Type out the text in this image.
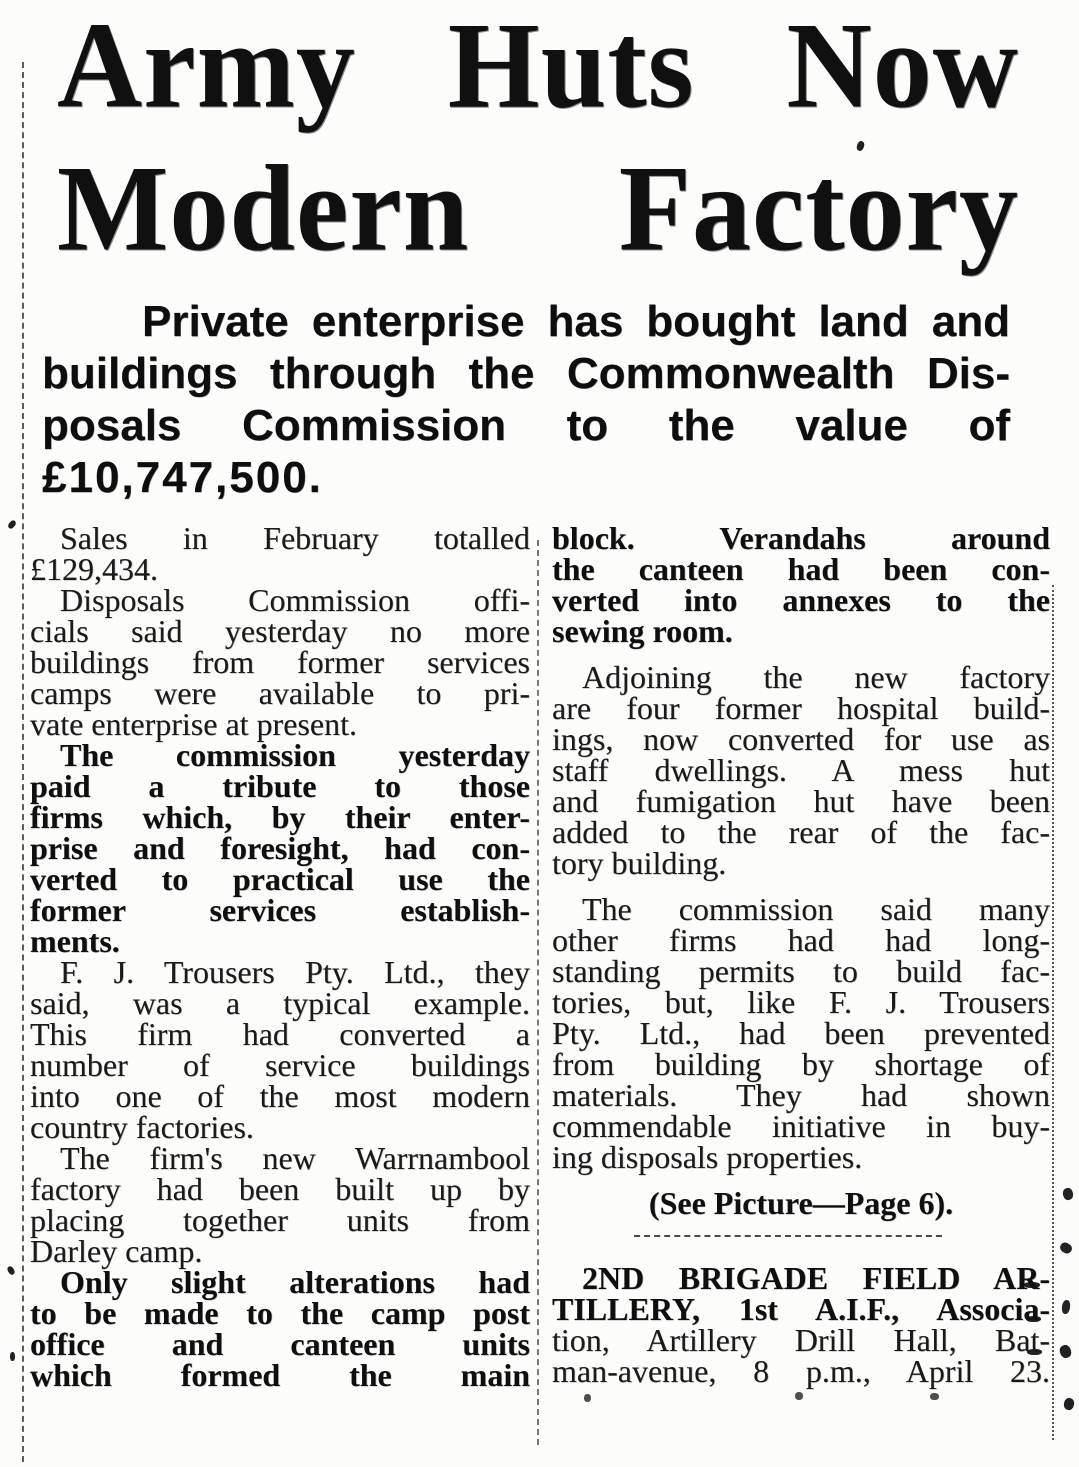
Army Huts Now
Modern Factory
Private enterprise has bought land and
buildings through the Commonwealth Dis-
posals Commission to the value of
£10,747,500.
Sales in February totalled
£129,434.
Disposals Commission offi-
cials said yesterday no more
buildings from former services
camps were available to pri-
vate enterprise at present.
The commission yesterday
paid a tribute to those
firms which, by their enter-
prise and foresight, had con-
verted to practical use the
former services establish-
ments.
F. J. Trousers Pty. Ltd., they
said, was a typical example.
This firm had converted a
number of service buildings
into one of the most modern
country factories.
The firm's new Warrnambool
factory had been built up by
placing together units from
Darley camp.
Only slight alterations had
to be made to the camp post
office and canteen units
which formed the main
block. Verandahs around
the canteen had been con-
verted into annexes to the
sewing room.
Adjoining the new factory
are four former hospital build-
ings, now converted for use as
staff dwellings. A mess hut
and fumigation hut have been
added to the rear of the fac-
tory building.
The commission said many
other firms had had long-
standing permits to build fac-
tories, but, like F. J. Trousers
Pty. Ltd., had been prevented
from building by shortage of
materials. They had shown
commendable initiative in buy-
ing disposals properties.
(See Picture—Page 6).
2ND BRIGADE FIELD AR-
TILLERY, 1st A.I.F., Associa-
tion, Artillery Drill Hall, Bat-
man-avenue, 8 p.m., April 23.
